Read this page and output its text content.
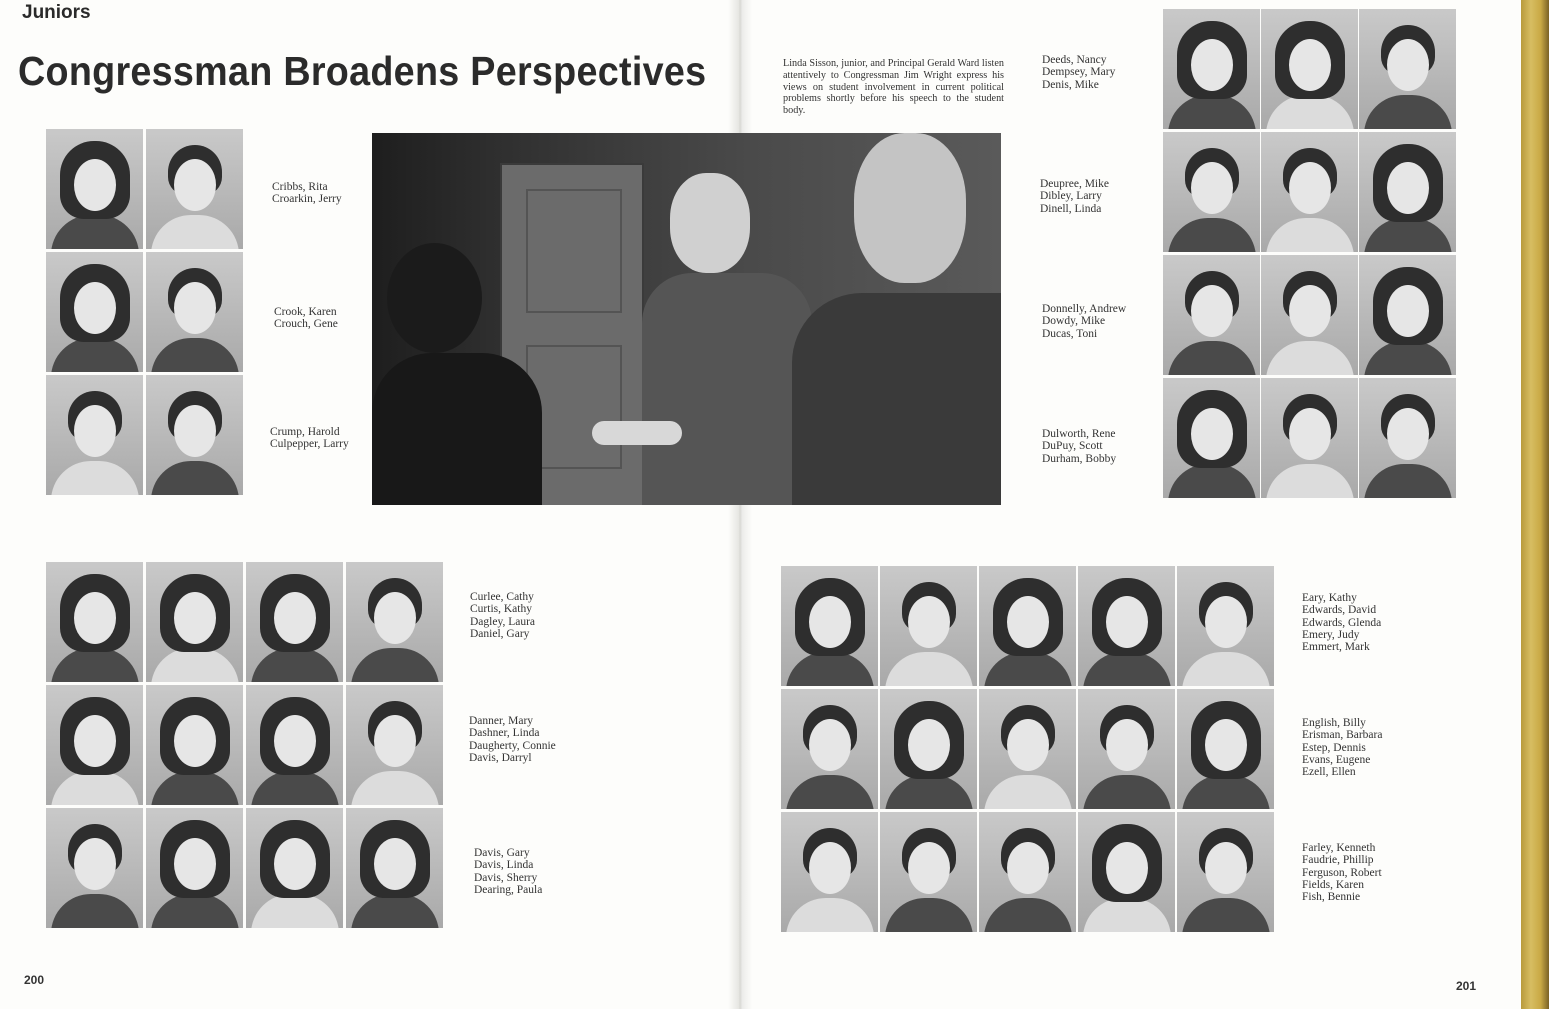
Juniors
Congressman Broadens Perspectives
Cribbs, Rita
Croarkin, Jerry
Crook, Karen
Crouch, Gene
Crump, Harold
Culpepper, Larry
Linda Sisson, junior, and Principal Gerald Ward listen attentively to Congressman Jim Wright express his views on student involvement in current political problems shortly before his speech to the student body.
Deeds, Nancy
Dempsey, Mary
Denis, Mike
Deupree, Mike
Dibley, Larry
Dinell, Linda
Donnelly, Andrew
Dowdy, Mike
Ducas, Toni
Dulworth, Rene
DuPuy, Scott
Durham, Bobby
Curlee, Cathy
Curtis, Kathy
Dagley, Laura
Daniel, Gary
Danner, Mary
Dashner, Linda
Daugherty, Connie
Davis, Darryl
Davis, Gary
Davis, Linda
Davis, Sherry
Dearing, Paula
Eary, Kathy
Edwards, David
Edwards, Glenda
Emery, Judy
Emmert, Mark
English, Billy
Erisman, Barbara
Estep, Dennis
Evans, Eugene
Ezell, Ellen
Farley, Kenneth
Faudrie, Phillip
Ferguson, Robert
Fields, Karen
Fish, Bennie
200	201
